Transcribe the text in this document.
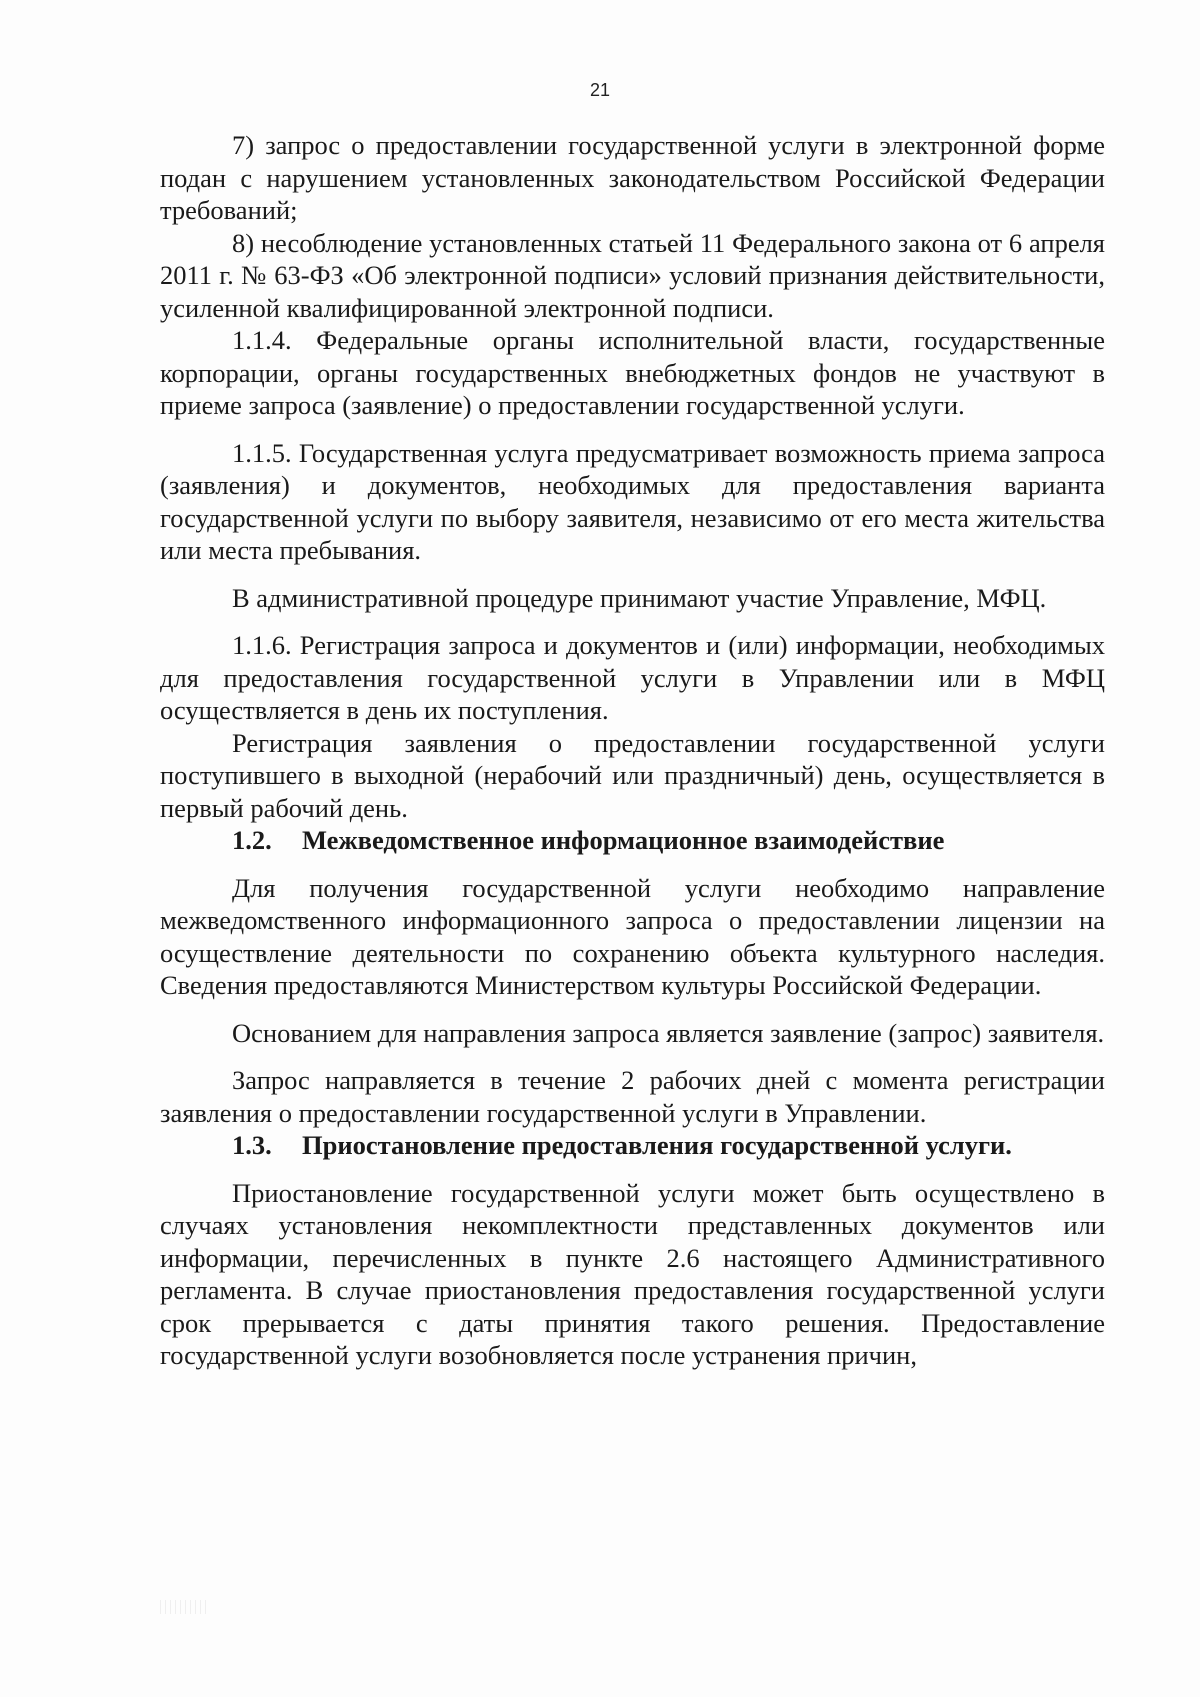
21

7) запрос о предоставлении государственной услуги в электронной форме подан с нарушением установленных законодательством Российской Федерации требований;

8) несоблюдение установленных статьей 11 Федерального закона от 6 апреля 2011 г. № 63-ФЗ «Об электронной подписи» условий признания действительности, усиленной квалифицированной электронной подписи.

1.1.4. Федеральные органы исполнительной власти, государственные корпорации, органы государственных внебюджетных фондов не участвуют в приеме запроса (заявление) о предоставлении государственной услуги.

1.1.5. Государственная услуга предусматривает возможность приема запроса (заявления) и документов, необходимых для предоставления варианта государственной услуги по выбору заявителя, независимо от его места жительства или места пребывания.

В административной процедуре принимают участие Управление, МФЦ.

1.1.6. Регистрация запроса и документов и (или) информации, необходимых для предоставления государственной услуги в Управлении или в МФЦ осуществляется в день их поступления.

Регистрация заявления о предоставлении государственной услуги поступившего в выходной (нерабочий или праздничный) день, осуществляется в первый рабочий день.

1.2. Межведомственное информационное взаимодействие

Для получения государственной услуги необходимо направление межведомственного информационного запроса о предоставлении лицензии на осуществление деятельности по сохранению объекта культурного наследия. Сведения предоставляются Министерством культуры Российской Федерации.

Основанием для направления запроса является заявление (запрос) заявителя.

Запрос направляется в течение 2 рабочих дней с момента регистрации заявления о предоставлении государственной услуги в Управлении.

1.3. Приостановление предоставления государственной услуги.

Приостановление государственной услуги может быть осуществлено в случаях установления некомплектности представленных документов или информации, перечисленных в пункте 2.6 настоящего Административного регламента. В случае приостановления предоставления государственной услуги срок прерывается с даты принятия такого решения. Предоставление государственной услуги возобновляется после устранения причин,
